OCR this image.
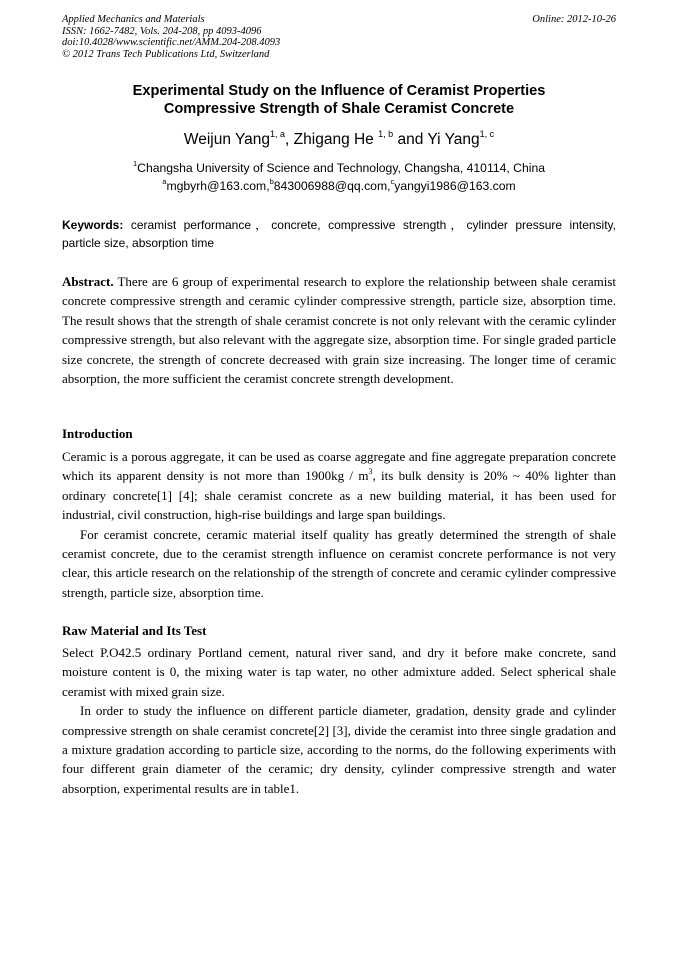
Applied Mechanics and Materials
ISSN: 1662-7482, Vols. 204-208, pp 4093-4096
doi:10.4028/www.scientific.net/AMM.204-208.4093
© 2012 Trans Tech Publications Ltd, Switzerland
Online: 2012-10-26
Experimental Study on the Influence of Ceramist Properties
Compressive Strength of Shale Ceramist Concrete
Weijun Yang$^{1, a}$, Zhigang He $^{1, b}$ and Yi Yang$^{1, c}$
$^1$Changsha University of Science and Technology, Changsha, 410114, China
$^a$mgbyrh@163.com,$^b$843006988@qq.com,$^c$yangyi1986@163.com
Keywords: ceramist performance，concrete, compressive strength，cylinder pressure intensity, particle size, absorption time

Abstract. There are 6 group of experimental research to explore the relationship between shale ceramist concrete compressive strength and ceramic cylinder compressive strength, particle size, absorption time. The result shows that the strength of shale ceramist concrete is not only relevant with the ceramic cylinder compressive strength, but also relevant with the aggregate size, absorption time. For single graded particle size concrete, the strength of concrete decreased with grain size increasing. The longer time of ceramic absorption, the more sufficient the ceramist concrete strength development.

Introduction

Ceramic is a porous aggregate, it can be used as coarse aggregate and fine aggregate preparation concrete which its apparent density is not more than $1900kg / m^3$, its bulk density is 20% ~ 40% lighter than ordinary concrete[1] [4]; shale ceramist concrete as a new building material, it has been used for industrial, civil construction, high-rise buildings and large span buildings.

For ceramist concrete, ceramic material itself quality has greatly determined the strength of shale ceramist concrete, due to the ceramist strength influence on ceramist concrete performance is not very clear, this article research on the relationship of the strength of concrete and ceramic cylinder compressive strength, particle size, absorption time.

Raw Material and Its Test

Select P.O42.5 ordinary Portland cement, natural river sand, and dry it before make concrete, sand moisture content is 0, the mixing water is tap water, no other admixture added. Select spherical shale ceramist with mixed grain size.

In order to study the influence on different particle diameter, gradation, density grade and cylinder compressive strength on shale ceramist concrete[2] [3], divide the ceramist into three single gradation and a mixture gradation according to particle size, according to the norms, do the following experiments with four different grain diameter of the ceramic; dry density, cylinder compressive strength and water absorption, experimental results are in table1.
